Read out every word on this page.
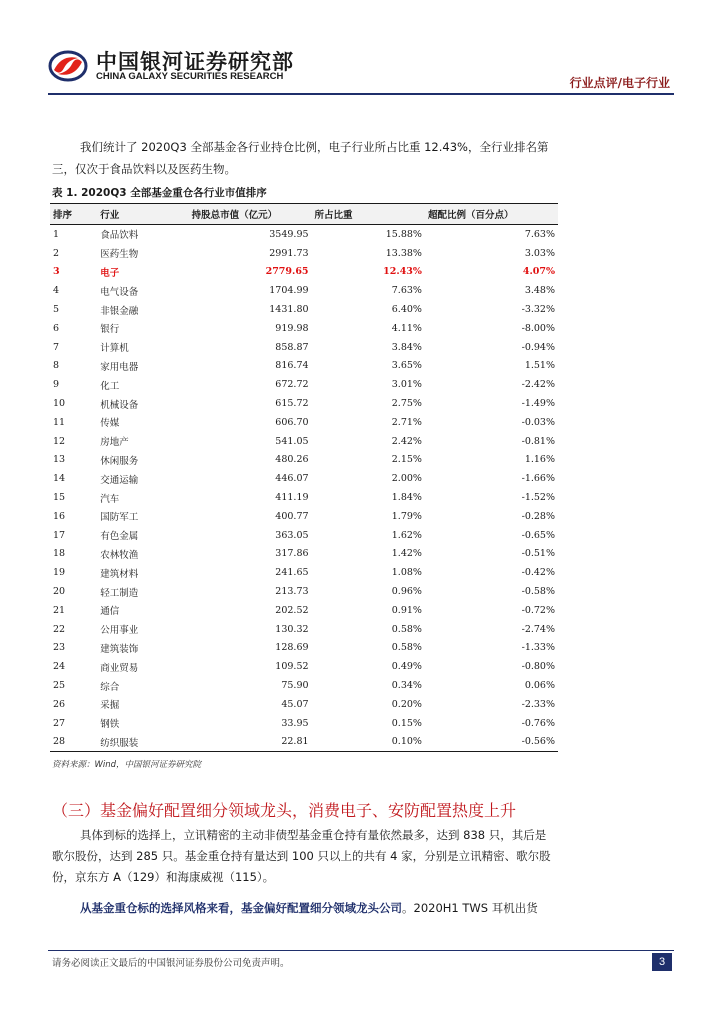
中国银河证券研究部
CHINA GALAXY SECURITIES RESEARCH	行业点评/电子行业

我们统计了 2020Q3 全部基金各行业持仓比例，电子行业所占比重 12.43%，全行业排名第三，仅次于食品饮料以及医药生物。

表 1. 2020Q3 全部基金重仓各行业市值排序
排序	行业	持股总市值（亿元）	所占比重	超配比例（百分点）
1	食品饮料	3549.95	15.88%	7.63%
2	医药生物	2991.73	13.38%	3.03%
3	电子	2779.65	12.43%	4.07%
4	电气设备	1704.99	7.63%	3.48%
5	非银金融	1431.80	6.40%	-3.32%
6	银行	919.98	4.11%	-8.00%
7	计算机	858.87	3.84%	-0.94%
8	家用电器	816.74	3.65%	1.51%
9	化工	672.72	3.01%	-2.42%
10	机械设备	615.72	2.75%	-1.49%
11	传媒	606.70	2.71%	-0.03%
12	房地产	541.05	2.42%	-0.81%
13	休闲服务	480.26	2.15%	1.16%
14	交通运输	446.07	2.00%	-1.66%
15	汽车	411.19	1.84%	-1.52%
16	国防军工	400.77	1.79%	-0.28%
17	有色金属	363.05	1.62%	-0.65%
18	农林牧渔	317.86	1.42%	-0.51%
19	建筑材料	241.65	1.08%	-0.42%
20	轻工制造	213.73	0.96%	-0.58%
21	通信	202.52	0.91%	-0.72%
22	公用事业	130.32	0.58%	-2.74%
23	建筑装饰	128.69	0.58%	-1.33%
24	商业贸易	109.52	0.49%	-0.80%
25	综合	75.90	0.34%	0.06%
26	采掘	45.07	0.20%	-2.33%
27	钢铁	33.95	0.15%	-0.76%
28	纺织服装	22.81	0.10%	-0.56%
资料来源：Wind，中国银河证券研究院
（三）基金偏好配置细分领域龙头，消费电子、安防配置热度上升

具体到标的选择上，立讯精密的主动非债型基金重仓持有量依然最多，达到 838 只，其后是歌尔股份，达到 285 只。基金重仓持有量达到 100 只以上的共有 4 家，分别是立讯精密、歌尔股份，京东方 A（129）和海康威视（115）。

从基金重仓标的选择风格来看，基金偏好配置细分领域龙头公司。2020H1 TWS 耳机出货

请务必阅读正文最后的中国银河证券股份公司免责声明。	3
